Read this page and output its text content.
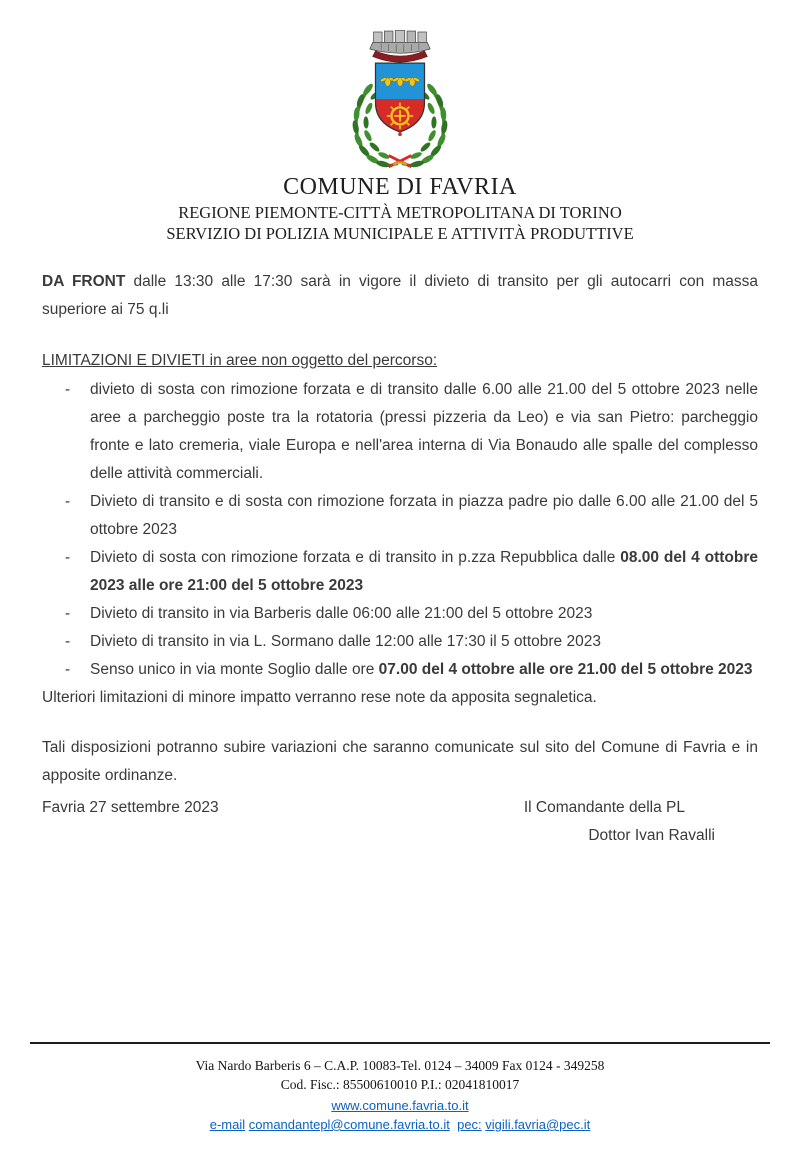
COMUNE DI FAVRIA
REGIONE PIEMONTE-CITTÀ METROPOLITANA DI TORINO
SERVIZIO DI POLIZIA MUNICIPALE E ATTIVITÀ PRODUTTIVE

DA FRONT dalle 13:30 alle 17:30 sarà in vigore il divieto di transito per gli autocarri con massa superiore ai 75 q.li

LIMITAZIONI E DIVIETI in aree non oggetto del percorso:

- divieto di sosta con rimozione forzata e di transito dalle 6.00 alle 21.00 del 5 ottobre 2023 nelle aree a parcheggio poste tra la rotatoria (pressi pizzeria da Leo) e via san Pietro: parcheggio fronte e lato cremeria, viale Europa e nell'area interna di Via Bonaudo alle spalle del complesso delle attività commerciali.
- Divieto di transito e di sosta con rimozione forzata in piazza padre pio dalle 6.00 alle 21.00 del 5 ottobre 2023
- Divieto di sosta con rimozione forzata e di transito in p.zza Repubblica dalle 08.00 del 4 ottobre 2023 alle ore 21:00 del 5 ottobre 2023
- Divieto di transito in via Barberis dalle 06:00 alle 21:00 del 5 ottobre 2023
- Divieto di transito in via L. Sormano dalle 12:00 alle 17:30 il 5 ottobre 2023
- Senso unico in via monte Soglio dalle ore 07.00 del 4 ottobre alle ore 21.00 del 5 ottobre 2023

Ulteriori limitazioni di minore impatto verranno rese note da apposita segnaletica.

Tali disposizioni potranno subire variazioni che saranno comunicate sul sito del Comune di Favria e in apposite ordinanze.

Favria 27 settembre 2023	Il Comandante della PL
Dottor Ivan Ravalli
Via Nardo Barberis 6 – C.A.P. 10083-Tel. 0124 – 34009 Fax 0124 - 349258
Cod. Fisc.: 85500610010 P.I.: 02041810017
www.comune.favria.to.it
e-mail comandantepl@comune.favria.to.it pec: vigili.favria@pec.it
